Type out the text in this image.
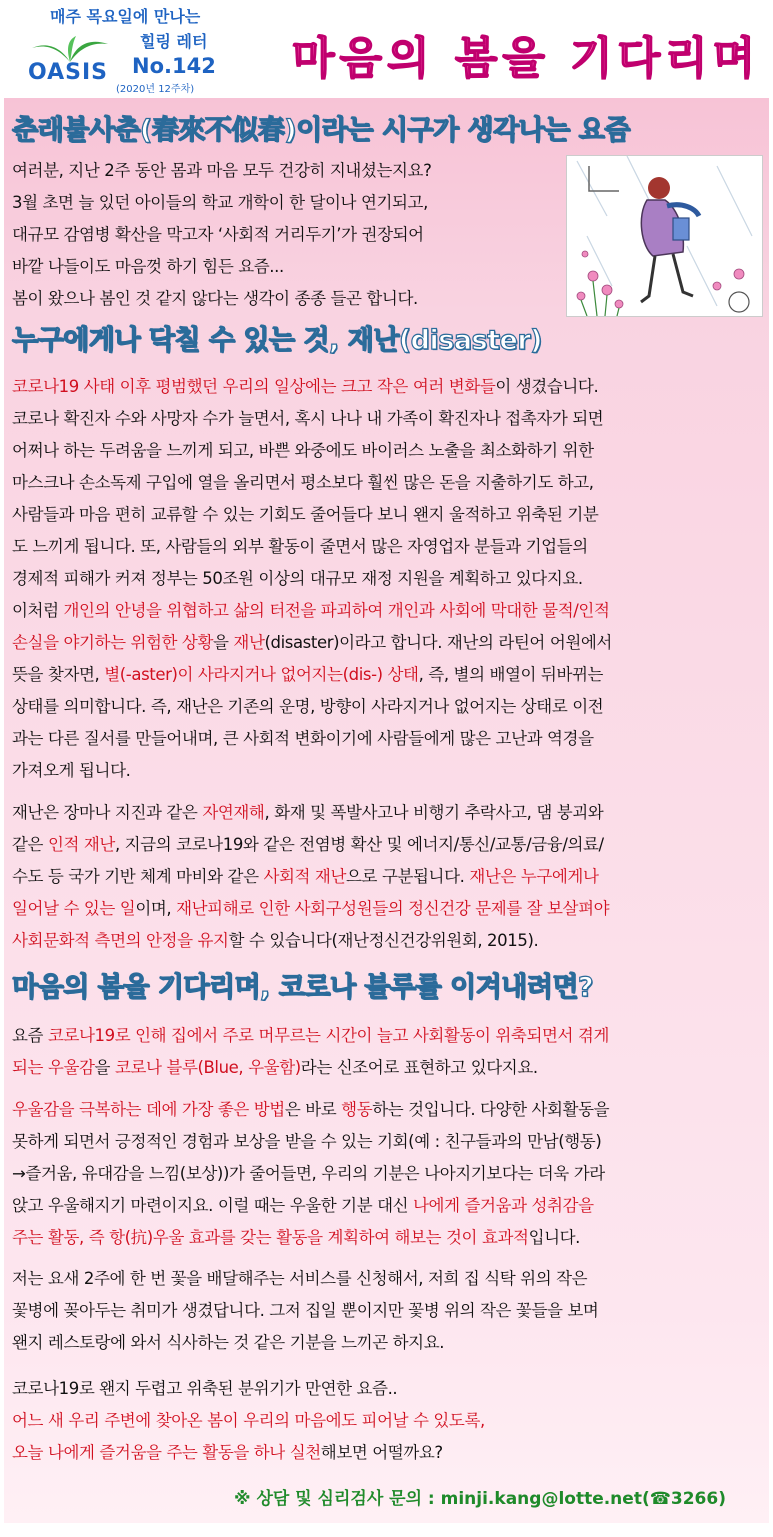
매주 목요일에 만나는
힐링 레터
OASIS No.142
(2020년 12주차)
마음의 봄을 기다리며
춘래불사춘(春來不似春)이라는 시구가 생각나는 요즘
여러분, 지난 2주 동안 몸과 마음 모두 건강히 지내셨는지요?
3월 초면 늘 있던 아이들의 학교 개학이 한 달이나 연기되고,
대규모 감염병 확산을 막고자 ‘사회적 거리두기’가 권장되어
바깥 나들이도 마음껏 하기 힘든 요즘...
봄이 왔으나 봄인 것 같지 않다는 생각이 종종 들곤 합니다.
누구에게나 닥칠 수 있는 것, 재난(disaster)
코로나19 사태 이후 평범했던 우리의 일상에는 크고 작은 여러 변화들이 생겼습니다.
코로나 확진자 수와 사망자 수가 늘면서, 혹시 나나 내 가족이 확진자나 접촉자가 되면
어쩌나 하는 두려움을 느끼게 되고, 바쁜 와중에도 바이러스 노출을 최소화하기 위한
마스크나 손소독제 구입에 열을 올리면서 평소보다 훨씬 많은 돈을 지출하기도 하고,
사람들과 마음 편히 교류할 수 있는 기회도 줄어들다 보니 왠지 울적하고 위축된 기분
도 느끼게 됩니다. 또, 사람들의 외부 활동이 줄면서 많은 자영업자 분들과 기업들의
경제적 피해가 커져 정부는 50조원 이상의 대규모 재정 지원을 계획하고 있다지요.
이처럼 개인의 안녕을 위협하고 삶의 터전을 파괴하여 개인과 사회에 막대한 물적/인적
손실을 야기하는 위험한 상황을 재난(disaster)이라고 합니다. 재난의 라틴어 어원에서
뜻을 찾자면, 별(-aster)이 사라지거나 없어지는(dis-) 상태, 즉, 별의 배열이 뒤바뀌는
상태를 의미합니다. 즉, 재난은 기존의 운명, 방향이 사라지거나 없어지는 상태로 이전
과는 다른 질서를 만들어내며, 큰 사회적 변화이기에 사람들에게 많은 고난과 역경을
가져오게 됩니다.
재난은 장마나 지진과 같은 자연재해, 화재 및 폭발사고나 비행기 추락사고, 댐 붕괴와
같은 인적 재난, 지금의 코로나19와 같은 전염병 확산 및 에너지/통신/교통/금융/의료/
수도 등 국가 기반 체계 마비와 같은 사회적 재난으로 구분됩니다. 재난은 누구에게나
일어날 수 있는 일이며, 재난피해로 인한 사회구성원들의 정신건강 문제를 잘 보살펴야
사회문화적 측면의 안정을 유지할 수 있습니다(재난정신건강위원회, 2015).
마음의 봄을 기다리며, 코로나 블루를 이겨내려면?
요즘 코로나19로 인해 집에서 주로 머무르는 시간이 늘고 사회활동이 위축되면서 겪게
되는 우울감을 코로나 블루(Blue, 우울함)라는 신조어로 표현하고 있다지요.
우울감을 극복하는 데에 가장 좋은 방법은 바로 행동하는 것입니다. 다양한 사회활동을
못하게 되면서 긍정적인 경험과 보상을 받을 수 있는 기회(예 : 친구들과의 만남(행동)
→즐거움, 유대감을 느낌(보상))가 줄어들면, 우리의 기분은 나아지기보다는 더욱 가라
앉고 우울해지기 마련이지요. 이럴 때는 우울한 기분 대신 나에게 즐거움과 성취감을
주는 활동, 즉 항(抗)우울 효과를 갖는 활동을 계획하여 해보는 것이 효과적입니다.
저는 요새 2주에 한 번 꽃을 배달해주는 서비스를 신청해서, 저희 집 식탁 위의 작은
꽃병에 꽂아두는 취미가 생겼답니다. 그저 집일 뿐이지만 꽃병 위의 작은 꽃들을 보며
왠지 레스토랑에 와서 식사하는 것 같은 기분을 느끼곤 하지요.
코로나19로 왠지 두렵고 위축된 분위기가 만연한 요즘..
어느 새 우리 주변에 찾아온 봄이 우리의 마음에도 피어날 수 있도록,
오늘 나에게 즐거움을 주는 활동을 하나 실천해보면 어떨까요?
※ 상담 및 심리검사 문의 : minji.kang@lotte.net(☎3266)
